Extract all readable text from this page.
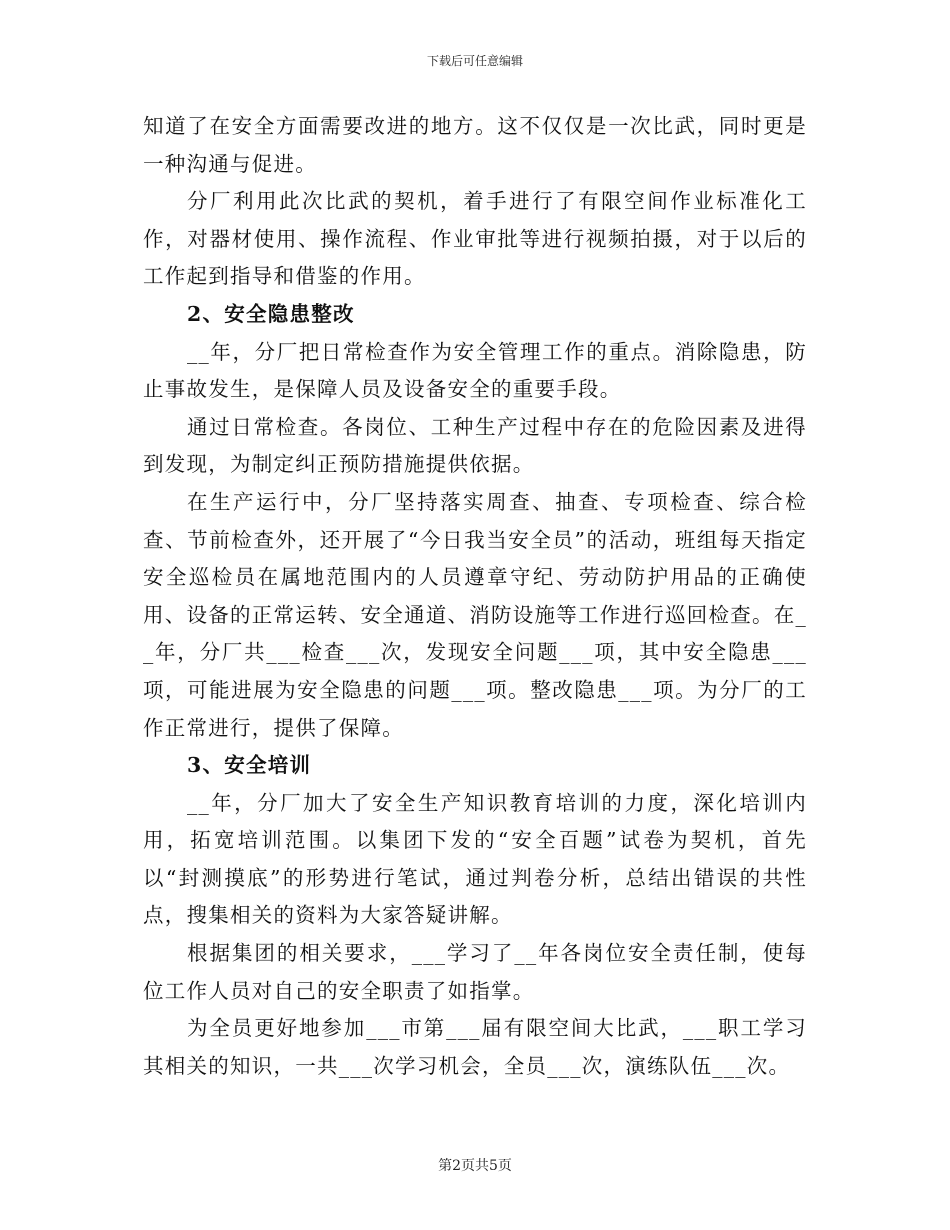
下载后可任意编辑

知道了在安全方面需要改进的地方。这不仅仅是一次比武，同时更是一种沟通与促进。

分厂利用此次比武的契机，着手进行了有限空间作业标准化工作，对器材使用、操作流程、作业审批等进行视频拍摄，对于以后的工作起到指导和借鉴的作用。

2、安全隐患整改

__年，分厂把日常检查作为安全管理工作的重点。消除隐患，防止事故发生，是保障人员及设备安全的重要手段。

通过日常检查。各岗位、工种生产过程中存在的危险因素及进得到发现，为制定纠正预防措施提供依据。

在生产运行中，分厂坚持落实周查、抽查、专项检查、综合检查、节前检查外，还开展了“今日我当安全员”的活动，班组每天指定安全巡检员在属地范围内的人员遵章守纪、劳动防护用品的正确使用、设备的正常运转、安全通道、消防设施等工作进行巡回检查。在__年，分厂共___检查___次，发现安全问题___项，其中安全隐患___项，可能进展为安全隐患的问题___项。整改隐患___项。为分厂的工作正常进行，提供了保障。

3、安全培训

__年，分厂加大了安全生产知识教育培训的力度，深化培训内用，拓宽培训范围。以集团下发的“安全百题”试卷为契机，首先以“封测摸底”的形势进行笔试，通过判卷分析，总结出错误的共性点，搜集相关的资料为大家答疑讲解。

根据集团的相关要求，___学习了__年各岗位安全责任制，使每位工作人员对自己的安全职责了如指掌。

为全员更好地参加___市第___届有限空间大比武，___职工学习其相关的知识，一共___次学习机会，全员___次，演练队伍___次。

第2页共5页
